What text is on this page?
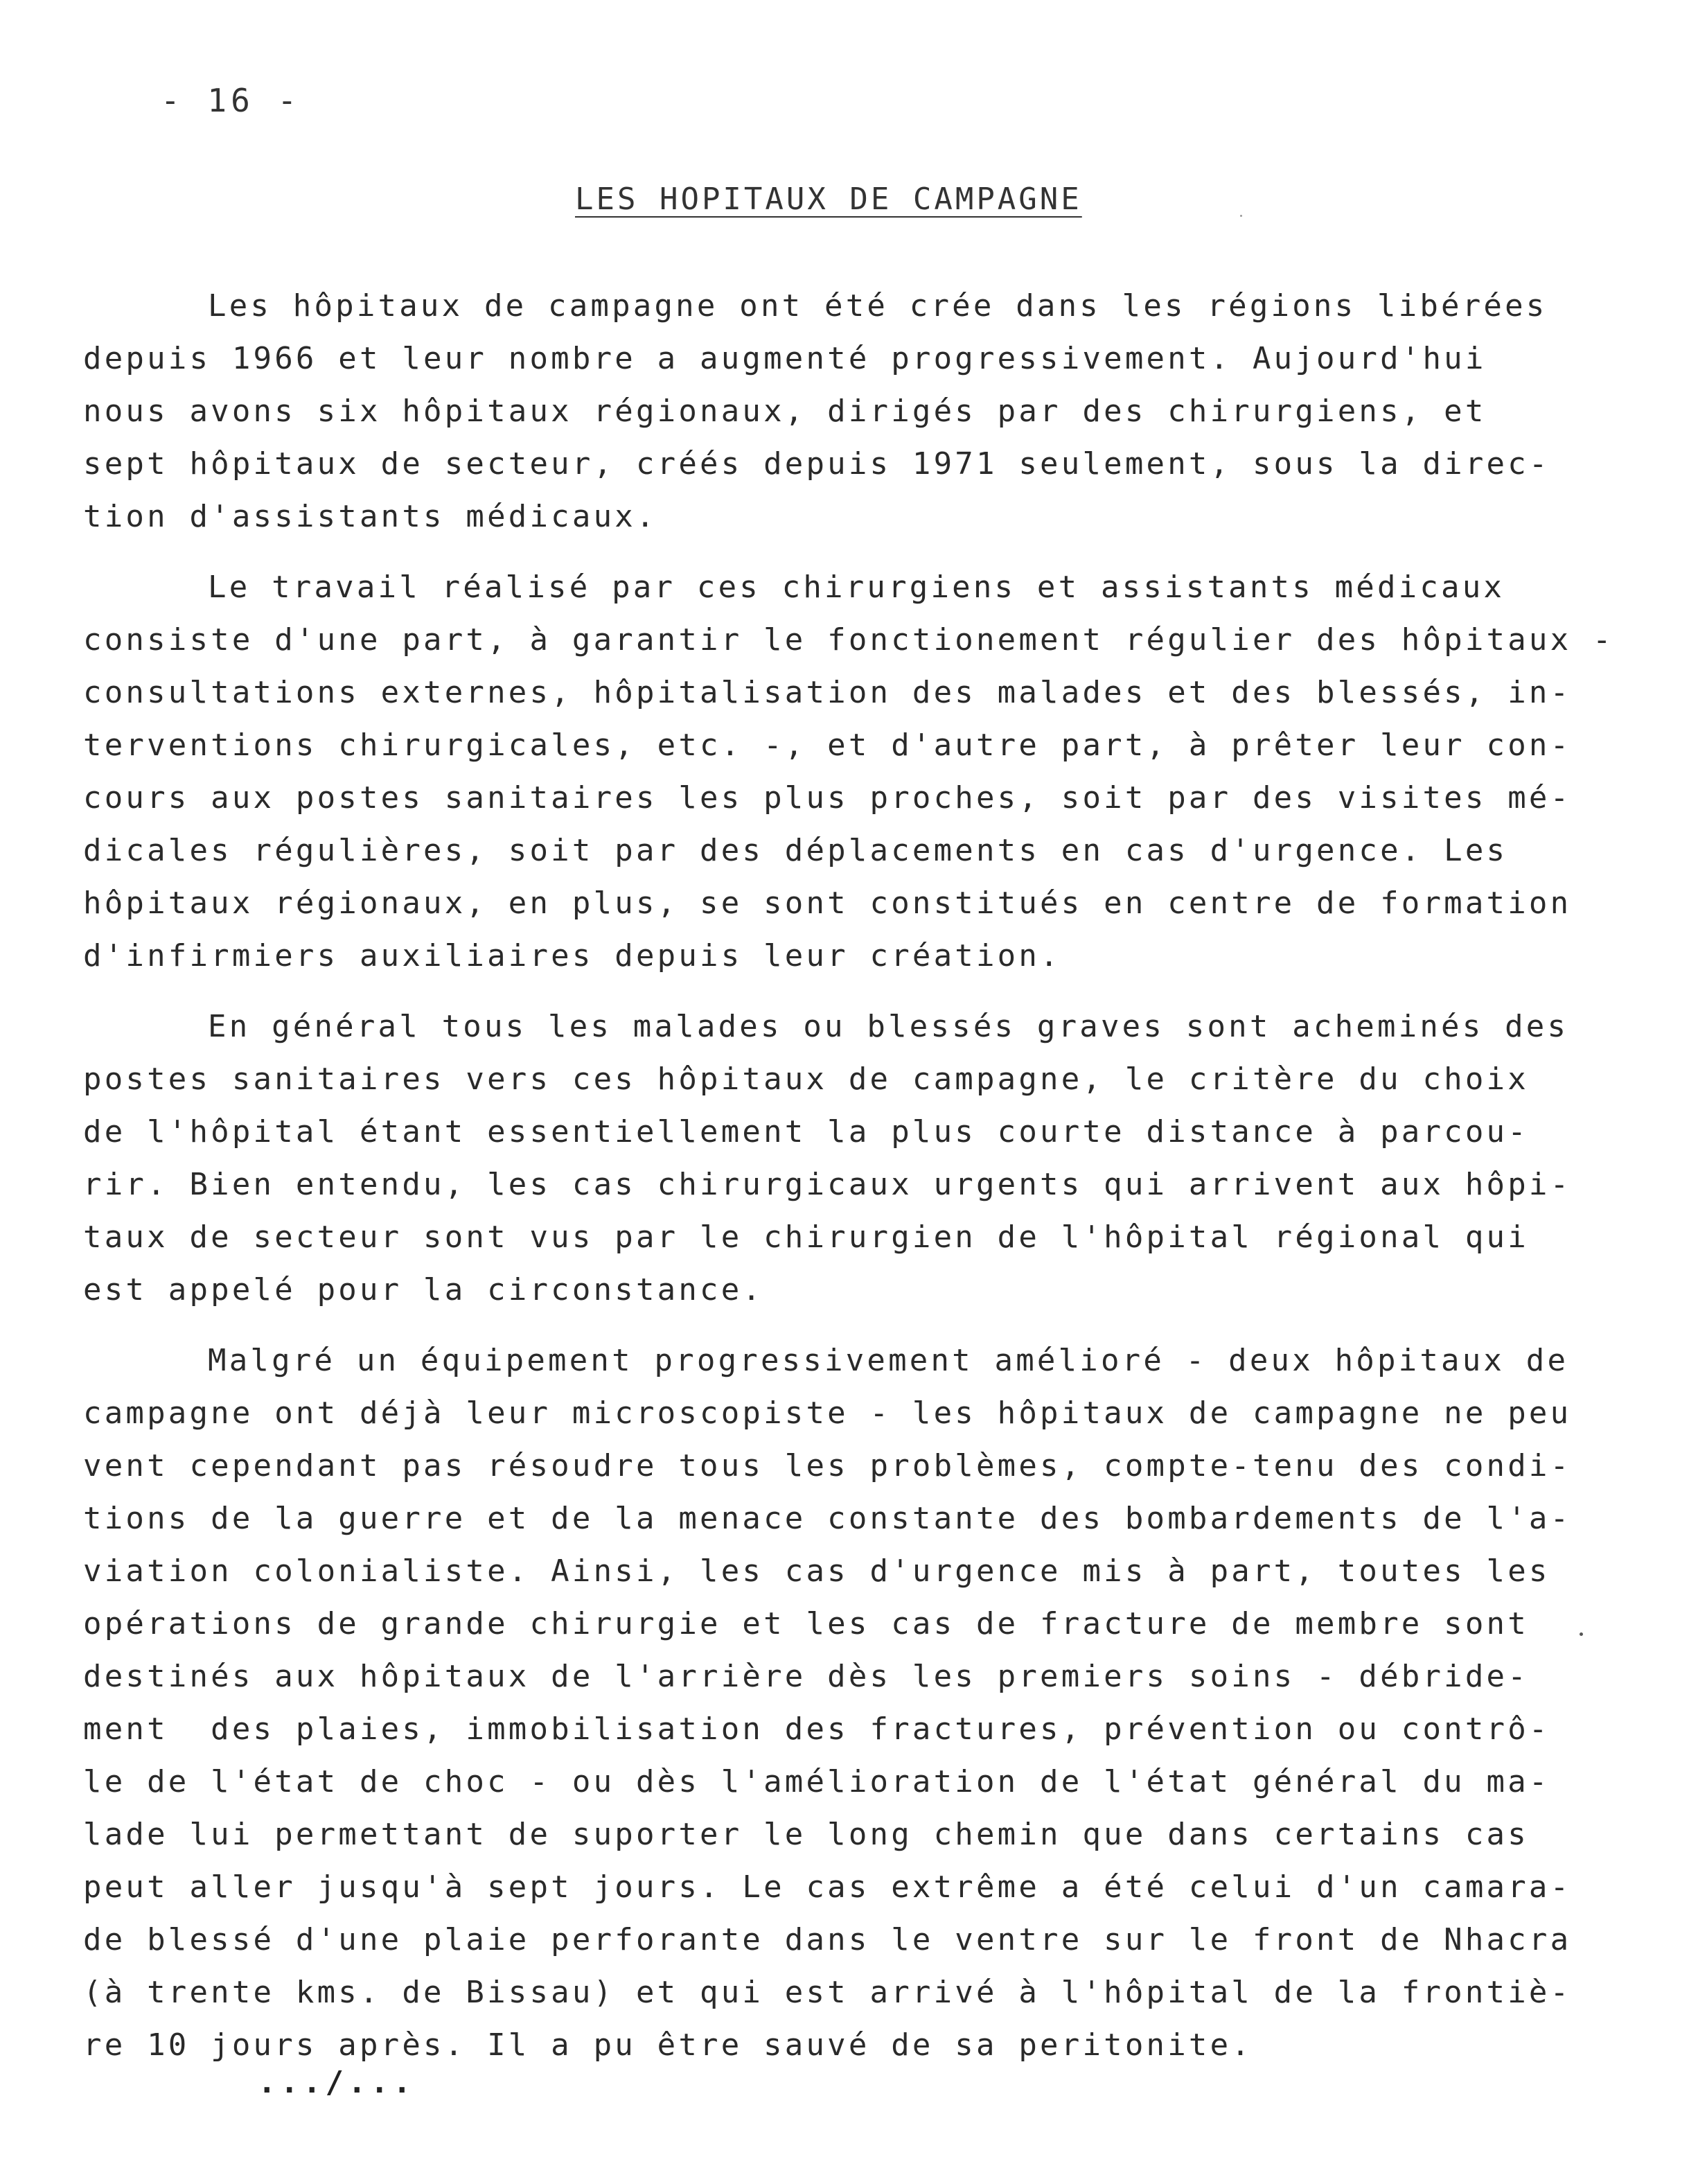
- 16 -
LES HOPITAUX DE CAMPAGNE
Les hôpitaux de campagne ont été crée dans les régions libérées
depuis 1966 et leur nombre a augmenté progressivement. Aujourd'hui
nous avons six hôpitaux régionaux, dirigés par des chirurgiens, et
sept hôpitaux de secteur, créés depuis 1971 seulement, sous la direc-
tion d'assistants médicaux.
Le travail réalisé par ces chirurgiens et assistants médicaux
consiste d'une part, à garantir le fonctionement régulier des hôpitaux -
consultations externes, hôpitalisation des malades et des blessés, in-
terventions chirurgicales, etc. -, et d'autre part, à prêter leur con-
cours aux postes sanitaires les plus proches, soit par des visites mé-
dicales régulières, soit par des déplacements en cas d'urgence. Les
hôpitaux régionaux, en plus, se sont constitués en centre de formation
d'infirmiers auxiliaires depuis leur création.
En général tous les malades ou blessés graves sont acheminés des
postes sanitaires vers ces hôpitaux de campagne, le critère du choix
de l'hôpital étant essentiellement la plus courte distance à parcou-
rir. Bien entendu, les cas chirurgicaux urgents qui arrivent aux hôpi-
taux de secteur sont vus par le chirurgien de l'hôpital régional qui
est appelé pour la circonstance.
Malgré un équipement progressivement amélioré - deux hôpitaux de
campagne ont déjà leur microscopiste - les hôpitaux de campagne ne peu
vent cependant pas résoudre tous les problèmes, compte-tenu des condi-
tions de la guerre et de la menace constante des bombardements de l'a-
viation colonialiste. Ainsi, les cas d'urgence mis à part, toutes les
opérations de grande chirurgie et les cas de fracture de membre sont
destinés aux hôpitaux de l'arrière dès les premiers soins - débride-
ment  des plaies, immobilisation des fractures, prévention ou contrô-
le de l'état de choc - ou dès l'amélioration de l'état général du ma-
lade lui permettant de suporter le long chemin que dans certains cas
peut aller jusqu'à sept jours. Le cas extrême a été celui d'un camara-
de blessé d'une plaie perforante dans le ventre sur le front de Nhacra
(à trente kms. de Bissau) et qui est arrivé à l'hôpital de la frontiè-
re 10 jours après. Il a pu être sauvé de sa peritonite.
.../...
